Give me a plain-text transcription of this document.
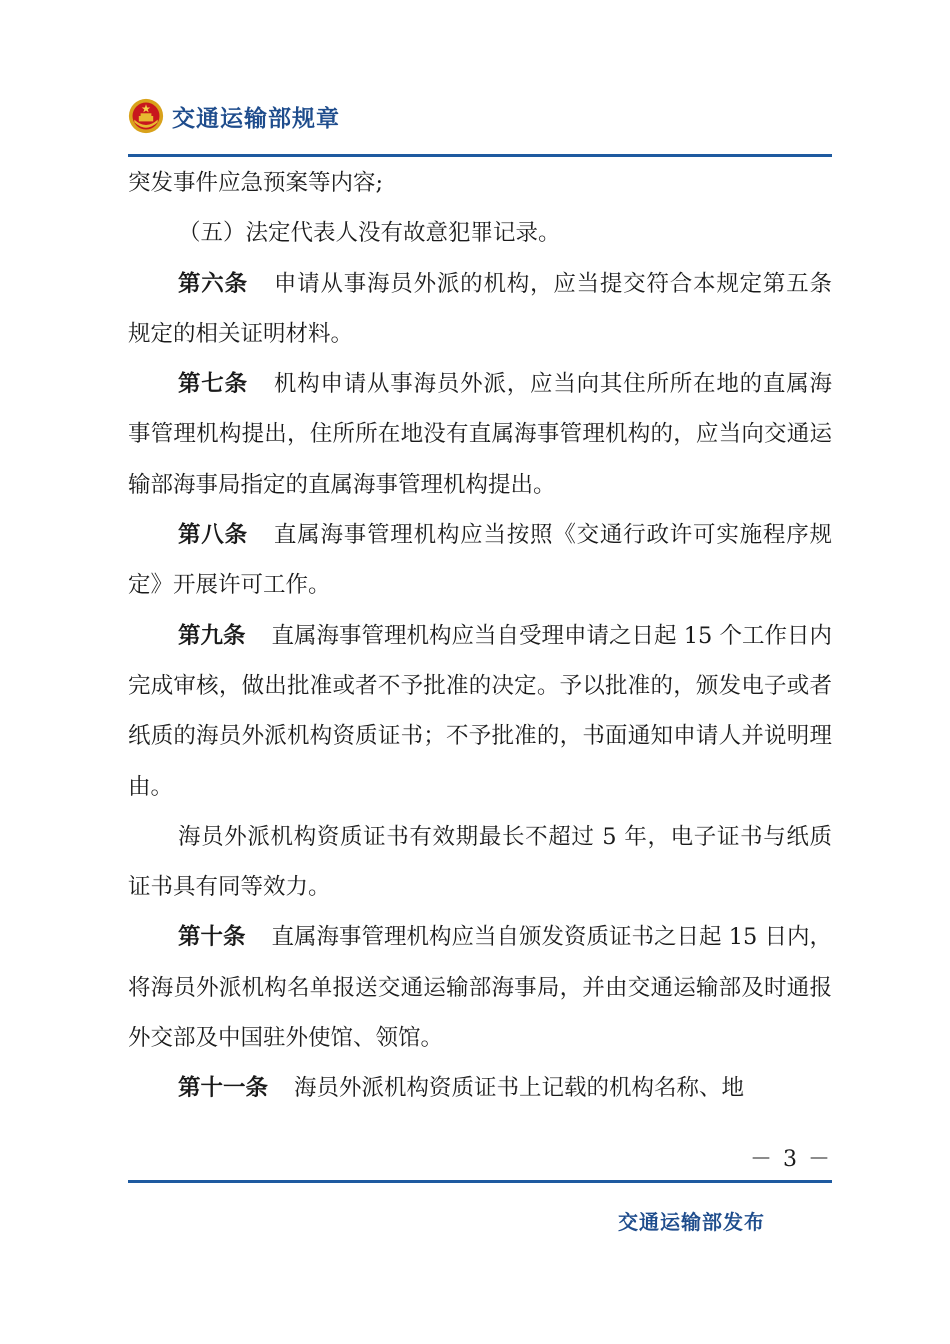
交通运输部规章

突发事件应急预案等内容;

（五）法定代表人没有故意犯罪记录。

第六条 申请从事海员外派的机构，应当提交符合本规定第五条规定的相关证明材料。

第七条 机构申请从事海员外派，应当向其住所所在地的直属海事管理机构提出，住所所在地没有直属海事管理机构的，应当向交通运输部海事局指定的直属海事管理机构提出。

第八条 直属海事管理机构应当按照《交通行政许可实施程序规定》开展许可工作。

第九条 直属海事管理机构应当自受理申请之日起 15 个工作日内完成审核，做出批准或者不予批准的决定。予以批准的，颁发电子或者纸质的海员外派机构资质证书；不予批准的，书面通知申请人并说明理由。

海员外派机构资质证书有效期最长不超过 5 年，电子证书与纸质证书具有同等效力。

第十条 直属海事管理机构应当自颁发资质证书之日起 15 日内，将海员外派机构名单报送交通运输部海事局，并由交通运输部及时通报外交部及中国驻外使馆、领馆。

第十一条 海员外派机构资质证书上记载的机构名称、地

－ 3 －
交通运输部发布
